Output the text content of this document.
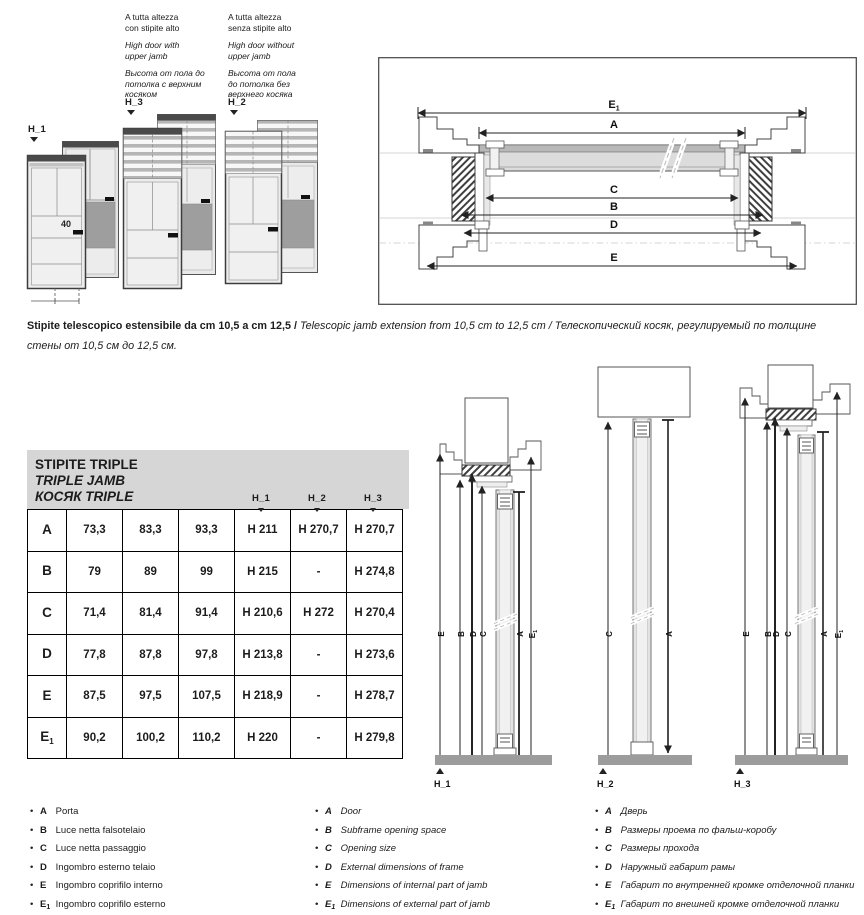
A tutta altezza
con stipite alto
High door with
upper jamb
Высота от пола до
потолка с верхним
косяком
A tutta altezza
senza stipite alto
High door without
upper jamb
Высота от пола
до потолка без
верхнего косяка
H_1
H_3	H_2
40
$E_1$
A
C
B
D
E
Stipite telescopico estensibile da cm 10,5 a cm 12,5 / Telescopic jamb extension from 10,5 cm to 12,5 cm / Телескопический косяк, регулируемый по толщине стены от 10,5 см до 12,5 см.
STIPITE TRIPLE
TRIPLE JAMB
КОСЯК TRIPLE	H_1	H_2	H_3
A	73,3	83,3	93,3	H 211	H 270,7	H 270,7
B	79	89	99	H 215	-	H 274,8
C	71,4	81,4	91,4	H 210,6	H 272	H 270,4
D	77,8	87,8	97,8	H 213,8	-	H 273,6
E	87,5	97,5	107,5	H 218,9	-	H 278,7
$E_1$	90,2	100,2	110,2	H 220	-	H 279,8
E B D C	A $E_1$
H_1
C	A
H_2
E B D C	A $E_1$
H_3
• A Porta
• B Luce netta falsotelaio
• C Luce netta passaggio
• D Ingombro esterno telaio
• E Ingombro coprifilo interno
• $E_1$ Ingombro coprifilo esterno
• A Door
• B Subframe opening space
• C Opening size
• D External dimensions of frame
• E Dimensions of internal part of jamb
• $E_1$ Dimensions of external part of jamb
• A Дверь
• B Размеры проема по фальш-коробу
• C Размеры прохода
• D Наружный габарит рамы
• E Габарит по внутренней кромке отделочной планки
• $E_1$ Габарит по внешней кромке отделочной планки
